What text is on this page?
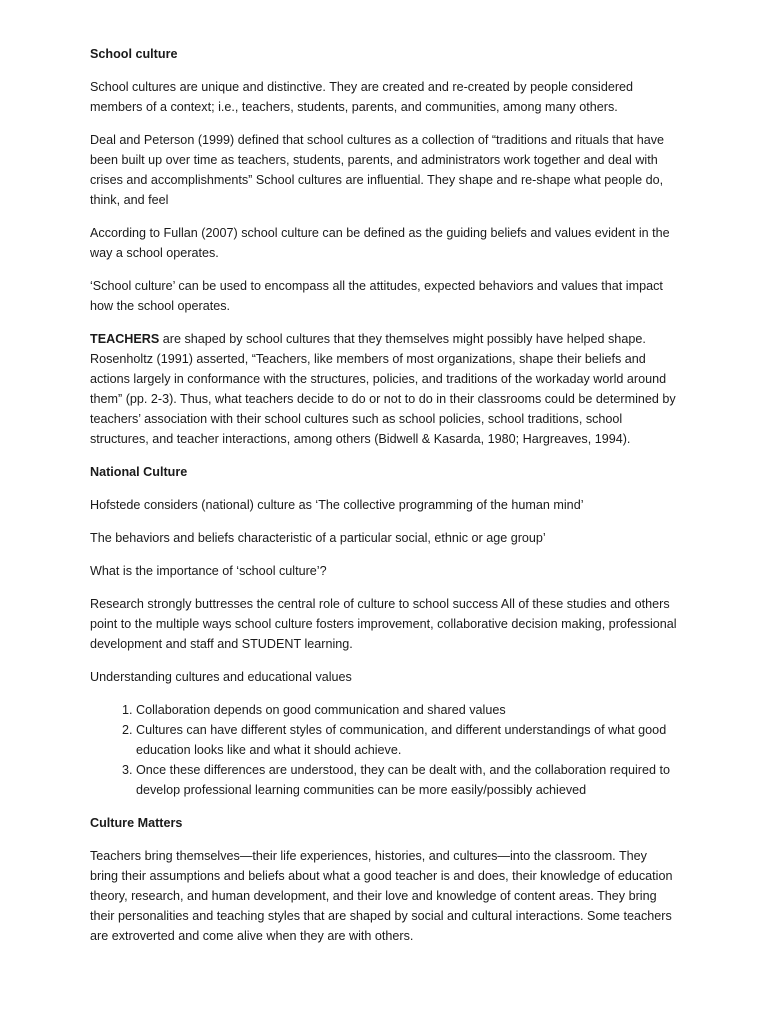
School culture

School cultures are unique and distinctive. They are created and re-created by people considered members of a context; i.e., teachers, students, parents, and communities, among many others.

Deal and Peterson (1999) defined that school cultures as a collection of “traditions and rituals that have been built up over time as teachers, students, parents, and administrators work together and deal with crises and accomplishments” School cultures are influential. They shape and re-shape what people do, think, and feel

According to Fullan (2007) school culture can be defined as the guiding beliefs and values evident in the way a school operates.

‘School culture’ can be used to encompass all the attitudes, expected behaviors and values that impact how the school operates.

TEACHERS are shaped by school cultures that they themselves might possibly have helped shape. Rosenholtz (1991) asserted, “Teachers, like members of most organizations, shape their beliefs and actions largely in conformance with the structures, policies, and traditions of the workaday world around them” (pp. 2-3). Thus, what teachers decide to do or not to do in their classrooms could be determined by teachers’ association with their school cultures such as school policies, school traditions, school structures, and teacher interactions, among others (Bidwell & Kasarda, 1980; Hargreaves, 1994).

National Culture

Hofstede considers (national) culture as ‘The collective programming of the human mind’

The behaviors and beliefs characteristic of a particular social, ethnic or age group’

What is the importance of ‘school culture’?

Research strongly buttresses the central role of culture to school success All of these studies and others point to the multiple ways school culture fosters improvement, collaborative decision making, professional development and staff and STUDENT learning.

Understanding cultures and educational values

1. Collaboration depends on good communication and shared values
2. Cultures can have different styles of communication, and different understandings of what good education looks like and what it should achieve.
3. Once these differences are understood, they can be dealt with, and the collaboration required to develop professional learning communities can be more easily/possibly achieved

Culture Matters

Teachers bring themselves—their life experiences, histories, and cultures—into the classroom. They bring their assumptions and beliefs about what a good teacher is and does, their knowledge of education theory, research, and human development, and their love and knowledge of content areas. They bring their personalities and teaching styles that are shaped by social and cultural interactions. Some teachers are extroverted and come alive when they are with others.
